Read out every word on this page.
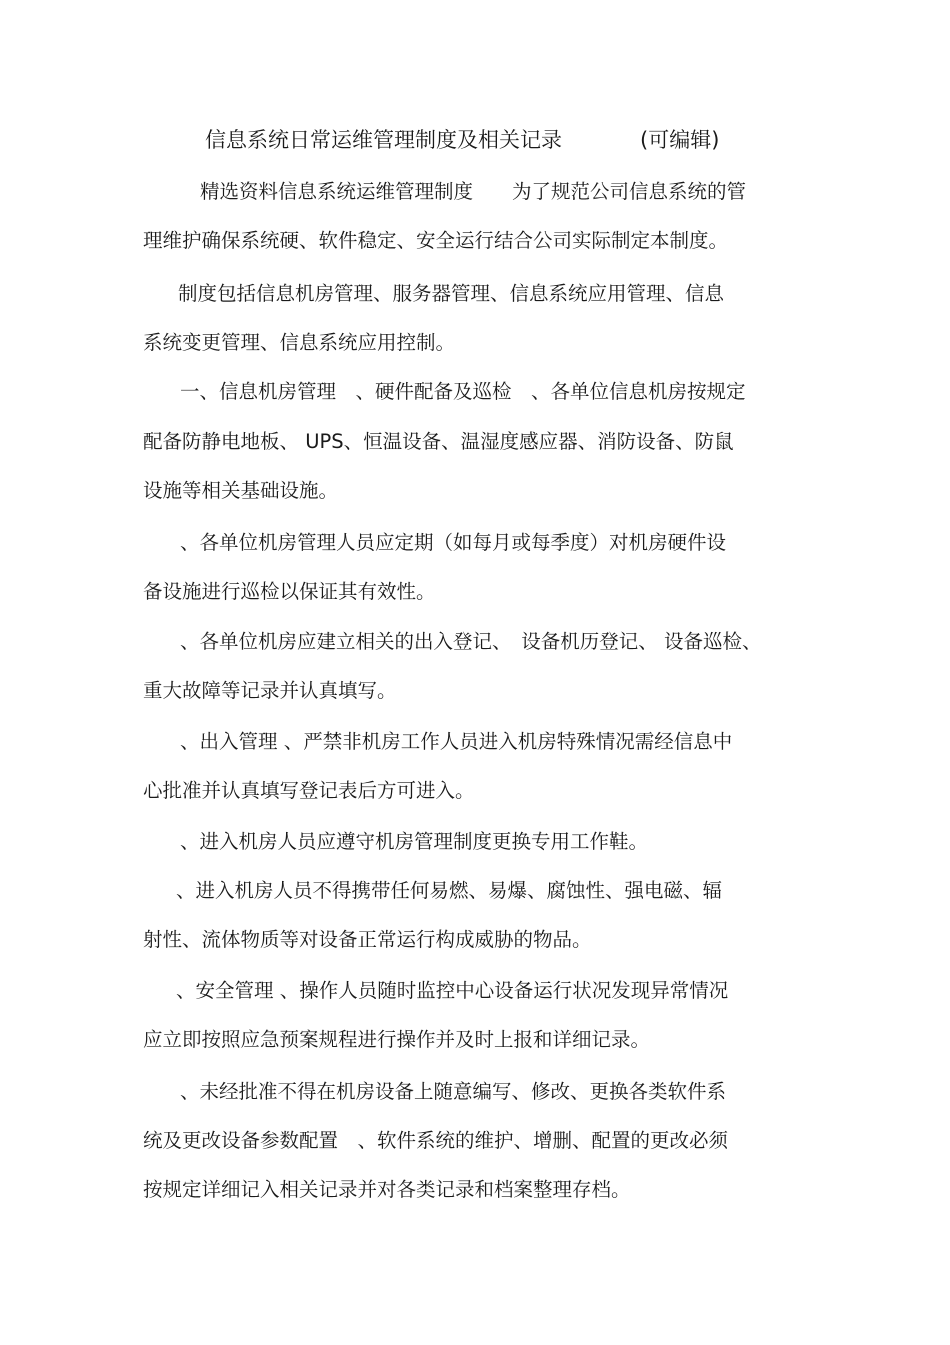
信息系统日常运维管理制度及相关记录	(可编辑)
精选资料信息系统运维管理制度　　为了规范公司信息系统的管
理维护确保系统硬、软件稳定、安全运行结合公司实际制定本制度。
制度包括信息机房管理、服务器管理、信息系统应用管理、信息
系统变更管理、信息系统应用控制。
一、信息机房管理　、硬件配备及巡检　、各单位信息机房按规定
配备防静电地板、 UPS、恒温设备、温湿度感应器、消防设备、防鼠
设施等相关基础设施。
、各单位机房管理人员应定期（如每月或每季度）对机房硬件设
备设施进行巡检以保证其有效性。
、各单位机房应建立相关的出入登记、　设备机历登记、 设备巡检、
重大故障等记录并认真填写。
、出入管理 、严禁非机房工作人员进入机房特殊情况需经信息中
心批准并认真填写登记表后方可进入。
、进入机房人员应遵守机房管理制度更换专用工作鞋。
、进入机房人员不得携带任何易燃、易爆、腐蚀性、强电磁、辐
射性、流体物质等对设备正常运行构成威胁的物品。
、安全管理 、操作人员随时监控中心设备运行状况发现异常情况
应立即按照应急预案规程进行操作并及时上报和详细记录。
、未经批准不得在机房设备上随意编写、修改、更换各类软件系
统及更改设备参数配置　、软件系统的维护、增删、配置的更改必须
按规定详细记入相关记录并对各类记录和档案整理存档。
